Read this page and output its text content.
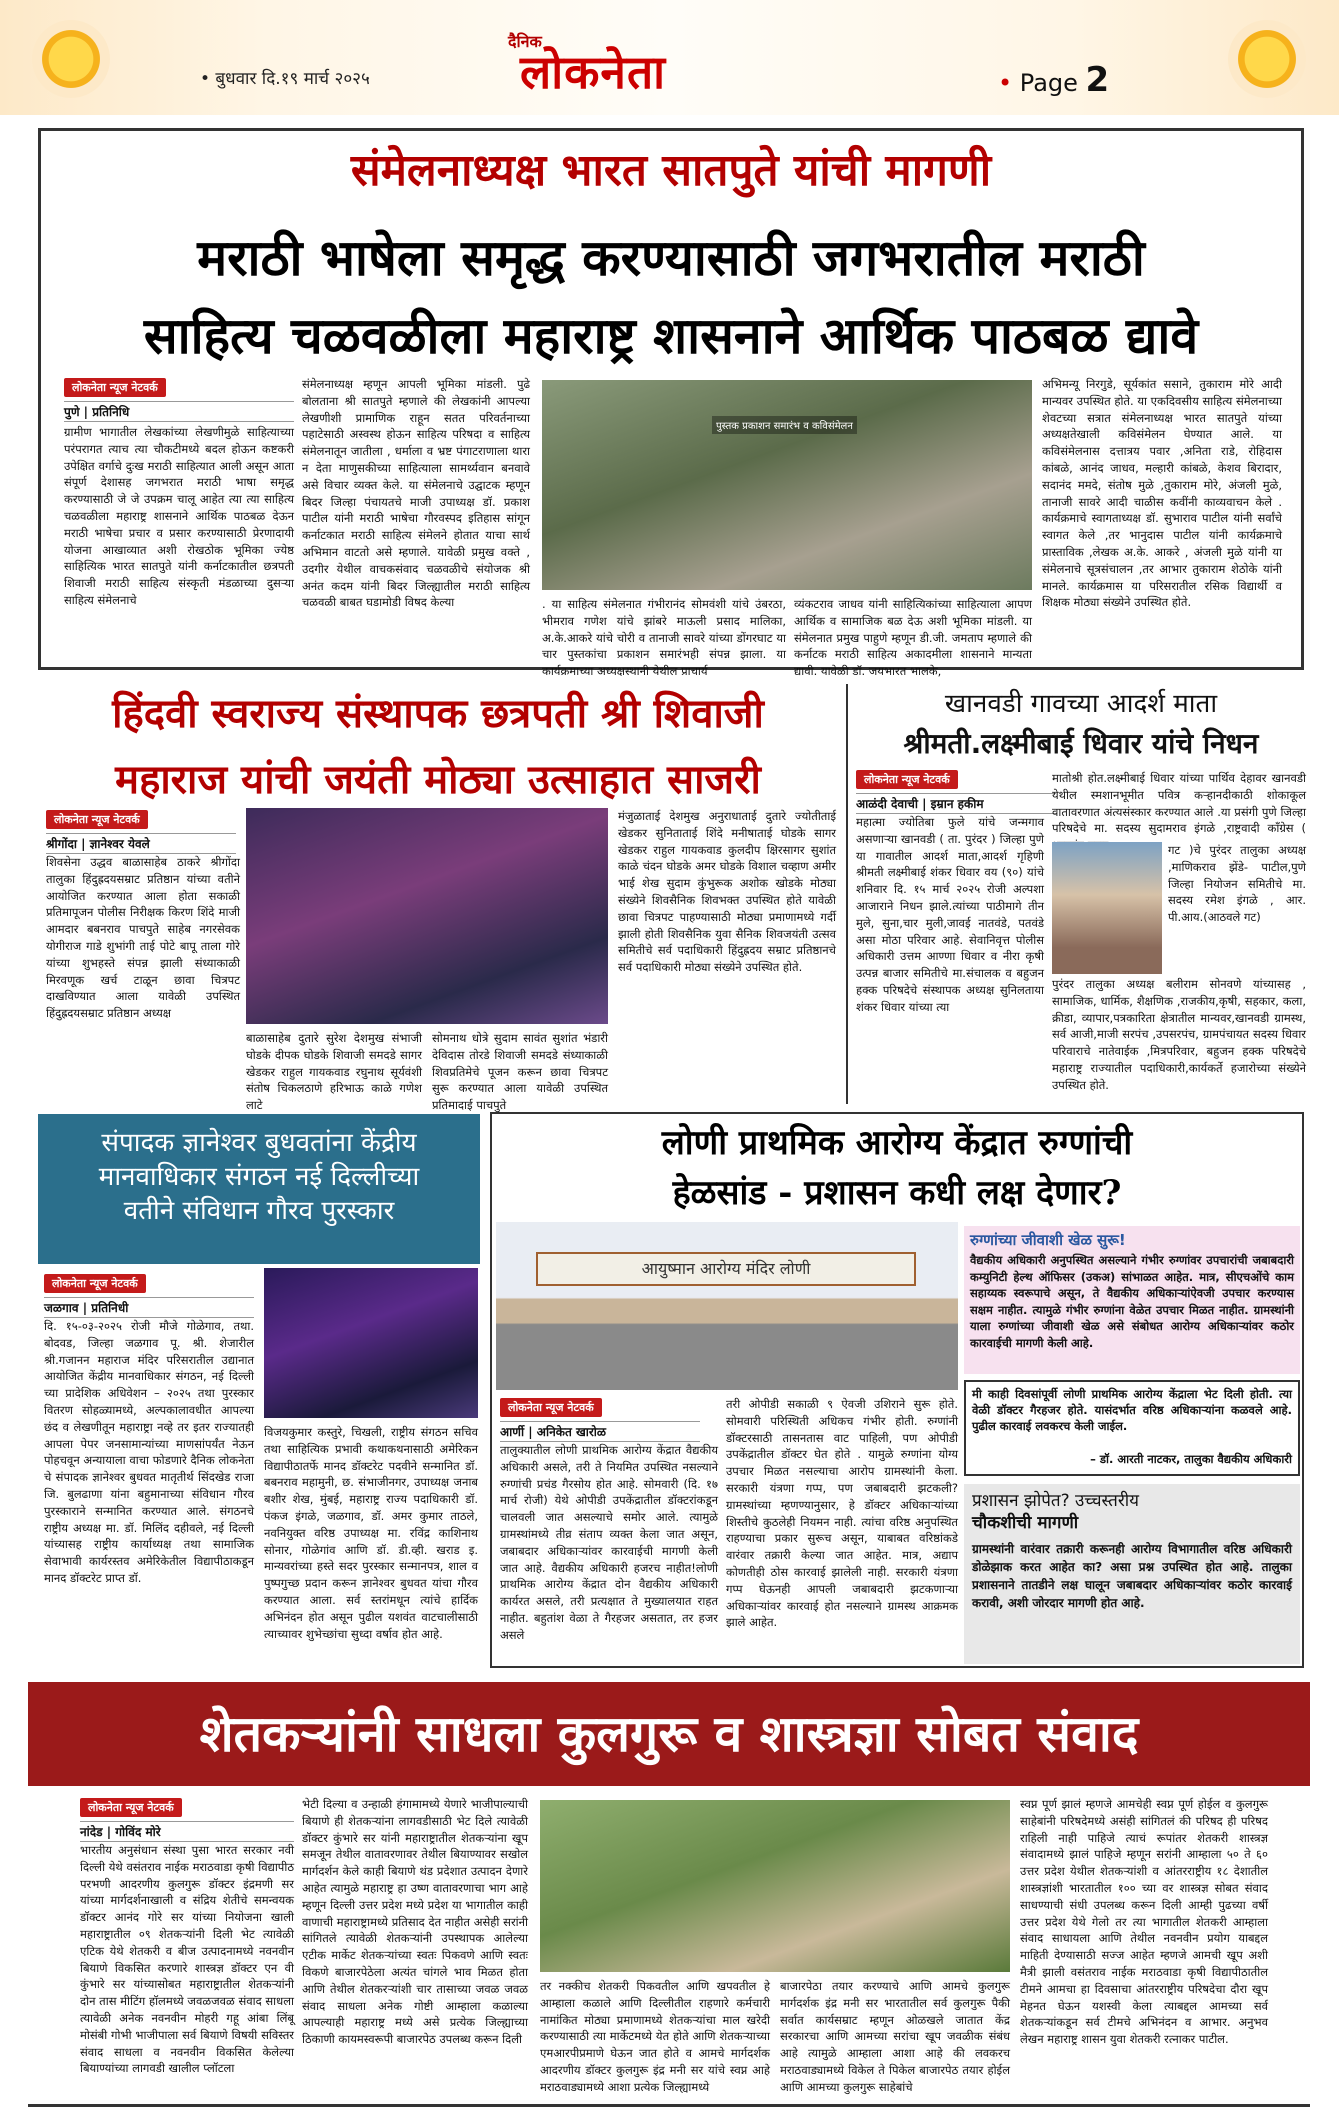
• बुधवार दि.१९ मार्च २०२५
दैनिक
लोकनेता	• Page 2
संमेलनाध्यक्ष भारत सातपुते यांची मागणी
मराठी भाषेला समृद्ध करण्यासाठी जगभरातील मराठी
साहित्य चळवळीला महाराष्ट्र शासनाने आर्थिक पाठबळ द्यावे
लोकनेता न्यूज नेटवर्क
पुणे | प्रतिनिधि
ग्रामीण भागातील लेखकांच्या लेखणीमुळे साहित्याच्या परंपरागत त्याच त्या चौकटीमध्ये बदल होऊन कष्टकरी उपेक्षित वर्गाचे दुःख मराठी साहित्यात आली असून आता संपूर्ण देशासह जगभरात मराठी भाषा समृद्ध करण्यासाठी जे जे उपक्रम चालू आहेत त्या त्या साहित्य चळवळीला महाराष्ट्र शासनाने आर्थिक पाठबळ देऊन मराठी भाषेचा प्रचार व प्रसार करण्यासाठी प्रेरणादायी योजना आखाव्यात अशी रोखठोक भूमिका ज्येष्ठ साहित्यिक भारत सातपुते यांनी कर्नाटकातील छत्रपती शिवाजी मराठी साहित्य संस्कृती मंडळाच्या दुसऱ्या साहित्य संमेलनाचे
संमेलनाध्यक्ष म्हणून आपली भूमिका मांडली. पुढे बोलताना श्री सातपुते म्हणाले की लेखकांनी आपल्या लेखणीशी प्रामाणिक राहून सतत परिवर्तनाच्या पहाटेसाठी अस्वस्थ होऊन साहित्य परिषदा व साहित्य संमेलनातून जातीला , धर्माला व भ्रष्ट पंगाटराणाला थारा न देता माणुसकीच्या साहित्याला सामर्थ्यवान बनवावे असे विचार व्यक्त केले. या संमेलनाचे उद्घाटक म्हणून बिदर जिल्हा पंचायतचे माजी उपाध्यक्ष डॉ. प्रकाश पाटील यांनी मराठी भाषेचा गौरवस्पद इतिहास सांगून कर्नाटकात मराठी साहित्य संमेलने होतात याचा सार्थ अभिमान वाटतो असे म्हणाले. यावेळी प्रमुख वक्ते , उदगीर येथील वाचकसंवाद चळवळीचे संयोजक श्री अनंत कदम यांनी बिदर जिल्ह्यातील मराठी साहित्य चळवळी बाबत घडामोडी विषद केल्या
पुस्तक प्रकाशन समारंभ व कविसंमेलन
. या साहित्य संमेलनात गंभीरानंद सोमवंशी यांचे उंबरठा, भीमराव गणेश यांचे झांबरे माऊली प्रसाद मालिका, अ.के.आकरे यांचे चोरी व तानाजी सावरे यांच्या डोंगरघाट या चार पुस्तकांचा प्रकाशन समारंभही संपन्न झाला. या कार्यक्रमाच्या अध्यक्षस्थानी येथील प्राचार्य
व्यंकटराव जाधव यांनी साहित्यिकांच्या साहित्याला आपण आर्थिक व सामाजिक बळ देऊ अशी भूमिका मांडली. या संमेलनात प्रमुख पाहुणे म्हणून डी.जी. जमताप म्हणाले की कर्नाटक मराठी साहित्य अकादमीला शासनाने मान्यता द्यावी. यावेळी डॉ. जयभारत भालके,
अभिमन्यू निरगुडे, सूर्यकांत ससाने, तुकाराम मोरे आदी मान्यवर उपस्थित होते. या एकदिवसीय साहित्य संमेलनाच्या शेवटच्या सत्रात संमेलनाध्यक्ष भारत सातपुते यांच्या अध्यक्षतेखाली कविसंमेलन घेण्यात आले. या कविसंमेलनास दत्तात्रय पवार ,अनिता राडे, रोहिदास कांबळे, आनंद जाधव, मल्हारी कांबळे, केशव बिरादार, सदानंद ममदे, संतोष मुळे ,तुकाराम मोरे, अंजली मुळे, तानाजी सावरे आदी चाळीस कवींनी काव्यवाचन केले . कार्यक्रमाचे स्वागताध्यक्ष डॉ. सुभाराव पाटील यांनी सर्वांचे स्वागत केले ,तर भानुदास पाटील यांनी कार्यक्रमाचे प्रास्ताविक ,लेखक अ.के. आकरे , अंजली मुळे यांनी या संमेलनाचे सूत्रसंचालन ,तर आभार तुकाराम शेठोके यांनी मानले. कार्यक्रमास या परिसरातील रसिक विद्यार्थी व शिक्षक मोठ्या संख्येने उपस्थित होते.
हिंदवी स्वराज्य संस्थापक छत्रपती श्री शिवाजी
महाराज यांची जयंती मोठ्या उत्साहात साजरी
लोकनेता न्यूज नेटवर्क
श्रीगोंदा | ज्ञानेश्वर येवले
शिवसेना उद्धव बाळासाहेब ठाकरे श्रीगोंदा तालुका हिंदुह्रदयसम्राट प्रतिष्ठान यांच्या वतीने आयोजित करण्यात आला होता सकाळी प्रतिमापूजन पोलीस निरीक्षक किरण शिंदे माजी आमदार बबनराव पाचपुते साहेब नगरसेवक योगीराज गाडे शुभांगी ताई पोटे बापू ताला गोरे यांच्या शुभहस्ते संपन्न झाली संध्याकाळी मिरवणूक खर्च टाळून छावा चित्रपट दाखविण्यात आला यावेळी उपस्थित हिंदुह्रदयसम्राट प्रतिष्ठान अध्यक्ष
बाळासाहेब दुतारे सुरेश देशमुख संभाजी घोडके दीपक घोडके शिवाजी समदडे सागर खेडकर राहुल गायकवाड रघुनाथ सूर्यवंशी संतोष चिकलठाणे हरिभाऊ काळे गणेश लाटे
सोमनाथ धोत्रे सुदाम सावंत सुशांत भंडारी देविदास तोरडे शिवाजी समदडे संध्याकाळी शिवप्रतिमेचे पूजन करून छावा चित्रपट सुरू करण्यात आला यावेळी उपस्थित प्रतिमादाई पाचपुते
मंजुळाताई देशमुख अनुराधाताई दुतारे ज्योतीताई खेडकर सुनिताताई शिंदे मनीषाताई घोडके सागर खेडकर राहुल गायकवाड कुलदीप क्षिरसागर सुशांत काळे चंदन घोडके अमर घोडके विशाल चव्हाण अमीर भाई शेख सुदाम कुंभुरूक अशोक खोडके मोठ्या संख्येने शिवसैनिक शिवभक्त उपस्थित होते यावेळी छावा चित्रपट पाहण्यासाठी मोठ्या प्रमाणामध्ये गर्दी झाली होती शिवसैनिक युवा सैनिक शिवजयंती उत्सव समितीचे सर्व पदाधिकारी हिंदुह्रदय सम्राट प्रतिष्ठानचे सर्व पदाधिकारी मोठ्या संख्येने उपस्थित होते.
खानवडी गावच्या आदर्श माता
श्रीमती.लक्ष्मीबाई धिवार यांचे निधन
लोकनेता न्यूज नेटवर्क
आळंदी देवाची | इम्रान हकीम
महात्मा ज्योतिबा फुले यांचे जन्मगाव असणाऱ्या खानवडी ( ता. पुरंदर ) जिल्हा पुणे या गावातील आदर्श माता,आदर्श गृहिणी श्रीमती लक्ष्मीबाई शंकर धिवार वय (९०) यांचे शनिवार दि. १५ मार्च २०२५ रोजी अल्पशा आजाराने निधन झाले.त्यांच्या पाठीमागे तीन मुले, सुना,चार मुली,जावई नातवंडे, पतवंडे असा मोठा परिवार आहे. सेवानिवृत्त पोलीस अधिकारी उत्तम आण्णा धिवार व नीरा कृषी उत्पन्न बाजार समितीचे मा.संचालक व बहुजन हक्क परिषदेचे संस्थापक अध्यक्ष सुनिलताया शंकर धिवार यांच्या त्या
मातोश्री होत.लक्ष्मीबाई धिवार यांच्या पार्थिव देहावर खानवडी येथील स्मशानभूमीत पवित्र कऱ्हानदीकाठी शोकाकूल वातावरणात अंत्यसंस्कार करण्यात आले .या प्रसंगी पुणे जिल्हा परिषदेचे मा. सदस्य सुदामराव इंगळे ,राष्ट्रवादी काँग्रेस (
गट )चे पुरंदर तालुका अध्यक्ष ,माणिकराव झेंडे- पाटील,पुणे जिल्हा नियोजन समितीचे मा. सदस्य रमेश इंगळे , आर. पी.आय.(आठवले गट)
पुरंदर तालुका अध्यक्ष बलीराम सोनवणे यांच्यासह , सामाजिक, धार्मिक, शैक्षणिक ,राजकीय,कृषी, सहकार, कला, क्रीडा, व्यापार,पत्रकारिता क्षेत्रातील मान्यवर,खानवडी ग्रामस्थ, सर्व आजी,माजी सरपंच ,उपसरपंच, ग्रामपंचायत सदस्य धिवार परिवाराचे नातेवाईक ,मित्रपरिवार, बहुजन हक्क परिषदेचे महाराष्ट्र राज्यातील पदाधिकारी,कार्यकर्ते हजारोच्या संख्येने उपस्थित होते.
संपादक ज्ञानेश्वर बुधवतांना केंद्रीय
मानवाधिकार संगठन नई दिल्लीच्या
वतीने संविधान गौरव पुरस्कार
लोकनेता न्यूज नेटवर्क
जळगाव | प्रतिनिधी
दि. १५-०३-२०२५ रोजी मौजे गोळेगाव, तथा. बोदवड, जिल्हा जळगाव पू. श्री. शेजारील श्री.गजानन महाराज मंदिर परिसरातील उद्यानात आयोजित केंद्रीय मानवाधिकार संगठन, नई दिल्ली च्या प्रादेशिक अधिवेशन – २०२५ तथा पुरस्कार वितरण सोहळ्यामध्ये, अल्पकालावधीत आपल्या छंद व लेखणीतून महाराष्ट्रा नव्हे तर इतर राज्यातही आपला पेपर जनसामान्यांच्या माणसांपर्यंत नेऊन पोहचवून अन्यायाला वाचा फोडणारे दैनिक लोकनेता चे संपादक ज्ञानेश्वर बुधवत मातृतीर्थ सिंदखेड राजा जि. बुलढाणा यांना बहुमानाच्या संविधान गौरव पुरस्काराने सन्मानित करण्यात आले. संगठनचे राष्ट्रीय अध्यक्ष मा. डॉ. मिलिंद दहीवले, नई दिल्ली यांच्यासह राष्ट्रीय कार्याध्यक्ष तथा सामाजिक सेवाभावी कार्यरस्तव अमेरिकेतील विद्यापीठाकडून मानद डॉक्टरेट प्राप्त डॉ.
विजयकुमार कस्तुरे, चिखली, राष्ट्रीय संगठन सचिव तथा साहित्यिक प्रभावी कथाकथनासाठी अमेरिकन विद्यापीठातर्फे मानद डॉक्टरेट पदवीने सन्मानित डॉ. बबनराव महामुनी, छ. संभाजीनगर, उपाध्यक्ष जनाब बशीर शेख, मुंबई, महाराष्ट्र राज्य पदाधिकारी डॉ. पंकज इंगळे, जळगाव, डॉ. अमर कुमार ताठले, नवनियुक्त वरिष्ठ उपाध्यक्ष मा. रविंद्र काशिनाथ सोनार, गोळेगांव आणि डॉ. डी.व्ही. खराड इ. मान्यवरांच्या हस्ते सदर पुरस्कार सन्मानपत्र, शाल व पुष्पगुच्छ प्रदान करून ज्ञानेश्वर बुधवत यांचा गौरव करण्यात आला. सर्व स्तरांमधून त्यांचे हार्दिक अभिनंदन होत असून पुढील यशवंत वाटचालीसाठी त्याच्यावर शुभेच्छांचा सुध्दा वर्षाव होत आहे.
लोणी प्राथमिक आरोग्य केंद्रात रुग्णांची
हेळसांड - प्रशासन कधी लक्ष देणार?
आयुष्मान आरोग्य मंदिर लोणी
लोकनेता न्यूज नेटवर्क
आर्णी | अनिकेत खारोळ
तालुक्यातील लोणी प्राथमिक आरोग्य केंद्रात वैद्यकीय अधिकारी असले, तरी ते नियमित उपस्थित नसल्याने रुग्णांची प्रचंड गैरसोय होत आहे. सोमवारी (दि. १७ मार्च रोजी) येथे ओपीडी उपकेंद्रातील डॉक्टरांकडून चालवली जात असल्याचे समोर आले. त्यामुळे ग्रामस्थांमध्ये तीव्र संताप व्यक्त केला जात असून, जबाबदार अधिकाऱ्यांवर कारवाईची मागणी केली जात आहे. वैद्यकीय अधिकारी हजरच नाहीत!लोणी प्राथमिक आरोग्य केंद्रात दोन वैद्यकीय अधिकारी कार्यरत असले, तरी प्रत्यक्षात ते मुख्यालयात राहत नाहीत. बहुतांश वेळा ते गैरहजर असतात, तर हजर असले
तरी ओपीडी सकाळी ९ ऐवजी उशिराने सुरू होते. सोमवारी परिस्थिती अधिकच गंभीर होती. रुग्णांनी डॉक्टरसाठी तासनतास वाट पाहिली, पण ओपीडी उपकेंद्रातील डॉक्टर घेत होते . यामुळे रुग्णांना योग्य उपचार मिळत नसल्याचा आरोप ग्रामस्थांनी केला. सरकारी यंत्रणा गप्प, पण जबाबदारी झटकली? ग्रामस्थांच्या म्हणण्यानुसार, हे डॉक्टर अधिकाऱ्यांच्या शिस्तीचे कुठलेही नियमन नाही. त्यांचा वरिष्ठ अनुपस्थित राहण्याचा प्रकार सुरूच असून, याबाबत वरिष्ठांकडे वारंवार तक्रारी केल्या जात आहेत. मात्र, अद्याप कोणतीही ठोस कारवाई झालेली नाही. सरकारी यंत्रणा गप्प घेऊनही आपली जबाबदारी झटकणाऱ्या अधिकाऱ्यांवर कारवाई होत नसल्याने ग्रामस्थ आक्रमक झाले आहेत.
रुग्णांच्या जीवाशी खेळ सुरू!
वैद्यकीय अधिकारी अनुपस्थित असल्याने गंभीर रुग्णांवर उपचारांची जबाबदारी कम्युनिटी हेल्थ ऑफिसर (उकअ) सांभाळत आहेत. मात्र, सीएचओंचे काम सहाय्यक स्वरूपाचे असून, ते वैद्यकीय अधिकाऱ्यांऐवजी उपचार करण्यास सक्षम नाहीत. त्यामुळे गंभीर रुग्णांना वेळेत उपचार मिळत नाहीत. ग्रामस्थांनी याला रुग्णांच्या जीवाशी खेळ असे संबोधत आरोग्य अधिकाऱ्यांवर कठोर कारवाईची मागणी केली आहे.
मी काही दिवसांपूर्वी लोणी प्राथमिक आरोग्य केंद्राला भेट दिली होती. त्या वेळी डॉक्टर गैरहजर होते. यासंदर्भात वरिष्ठ अधिकाऱ्यांना कळवले आहे. पुढील कारवाई लवकरच केली जाईल.
– डॉ. आरती नाटकर, तालुका वैद्यकीय अधिकारी
प्रशासन झोपेत? उच्चस्तरीय
चौकशीची मागणी
ग्रामस्थांनी वारंवार तक्रारी करूनही आरोग्य विभागातील वरिष्ठ अधिकारी डोळेझाक करत आहेत का? असा प्रश्न उपस्थित होत आहे. तालुका प्रशासनाने तातडीने लक्ष घालून जबाबदार अधिकाऱ्यांवर कठोर कारवाई करावी, अशी जोरदार मागणी होत आहे.
शेतकऱ्यांनी साधला कुलगुरू व शास्त्रज्ञा सोबत संवाद
लोकनेता न्यूज नेटवर्क
नांदेड | गोविंद मोरे
भारतीय अनुसंधान संस्था पुसा भारत सरकार नवी दिल्ली येथे वसंतराव नाईक मराठवाडा कृषी विद्यापीठ परभणी आदरणीय कुलगुरू डॉक्टर इंद्रमणी सर यांच्या मार्गदर्शनाखाली व संद्रिय शेतीचे समन्वयक डॉक्टर आनंद गोरे सर यांच्या नियोजना खाली महाराष्ट्रातील ०९ शेतकऱ्यांनी दिली भेट त्यावेळी एटिक येथे शेतकरी व बीज उत्पादनामध्ये नवनवीन बियाणे विकसित करणारे शास्त्रज्ञ डॉक्टर एन वी कुंभारे सर यांच्यासोबत महाराष्ट्रातील शेतकऱ्यांनी दोन तास मीटिंग हॉलमध्ये जवळजवळ संवाद साधला त्यावेळी अनेक नवनवीन मोहरी गहू आंबा लिंबू मोसंबी गोभी भाजीपाला सर्व बियाणे विषयी सविस्तर संवाद साधला व नवनवीन विकसित केलेल्या बियाण्यांच्या लागवडी खालील प्लॉटला
भेटी दिल्या व उन्हाळी हंगामामध्ये येणारे भाजीपाल्याची बियाणे ही शेतकऱ्यांना लागवडीसाठी भेट दिले त्यावेळी डॉक्टर कुंभारे सर यांनी महाराष्ट्रातील शेतकऱ्यांना खूप समजून तेथील वातावरणावर तेथील बियाण्यावर सखोल मार्गदर्शन केले काही बियाणे थंड प्रदेशात उत्पादन देणारे आहेत त्यामुळे महाराष्ट्र हा उष्ण वातावरणाचा भाग आहे म्हणून दिल्ली उत्तर प्रदेश मध्ये प्रदेश या भागातील काही वाणाची महाराष्ट्रामध्ये प्रतिसाद देत नाहीत असेही सरांनी सांगितले त्यावेळी शेतकऱ्यांनी उपस्थापक आलेल्या एटीक मार्केट शेतकऱ्यांच्या स्वतः पिकवणे आणि स्वतः विकणे बाजारपेठेला अत्यंत चांगले भाव मिळत होता आणि तेथील शेतकरऱ्यांशी चार तासाच्या जवळ जवळ संवाद साधला अनेक गोष्टी आम्हाला कळाल्या आपल्याही महाराष्ट्र मध्ये असे प्रत्येक जिल्ह्याच्या ठिकाणी कायमस्वरूपी बाजारपेठ उपलब्ध करून दिली
तर नक्कीच शेतकरी पिकवतील आणि खपवतील हे आम्हाला कळाले आणि दिल्लीतील राहणारे कर्मचारी नामांकित मोठ्या प्रमाणामध्ये शेतकऱ्यांचा माल खरेदी करण्यासाठी त्या मार्केटमध्ये येत होते आणि शेतकऱ्याच्या एमआरपीप्रमाणे घेऊन जात होते व आमचे मार्गदर्शक आदरणीय डॉक्टर कुलगुरू इंद्र मनी सर यांचे स्वप्न आहे मराठवाड्यामध्ये आशा प्रत्येक जिल्ह्यामध्ये
बाजारपेठा तयार करण्याचे आणि आमचे कुलगुरू मार्गदर्शक इंद्र मनी सर भारतातील सर्व कुलगुरू पैकी सर्वात कार्यसम्राट म्हणून ओळखले जातात केंद्र सरकारचा आणि आमच्या सरांचा खूप जवळीक संबंध आहे त्यामुळे आम्हाला आशा आहे की लवकरच मराठवाड्यामध्ये विकेल ते पिकेल बाजारपेठ तयार होईल आणि आमच्या कुलगुरू साहेबांचे
स्वप्न पूर्ण झालं म्हणजे आमचेही स्वप्न पूर्ण होईल व कुलगुरू साहेबांनी परिषदेमध्ये असंही सांगितलं की परिषद ही परिषद राहिली नाही पाहिजे त्याचं रूपांतर शेतकरी शास्त्रज्ञ संवादामध्ये झालं पाहिजे म्हणून सरांनी आम्हाला ५० ते ६० उत्तर प्रदेश येथील शेतकऱ्यांशी व आंतरराष्ट्रीय १८ देशातील शास्त्रज्ञांशी भारतातील १०० च्या वर शास्त्रज्ञ सोबत संवाद साधण्याची संधी उपलब्ध करून दिली आम्ही पुढच्या वर्षी उत्तर प्रदेश येथे गेलो तर त्या भागातील शेतकरी आम्हाला संवाद साधायला आणि तेथील नवनवीन प्रयोग याबद्दल माहिती देण्यासाठी सज्ज आहेत म्हणजे आमची खूप अशी मैत्री झाली वसंतराव नाईक मराठवाडा कृषी विद्यापीठातील टीमने आमचा हा दिवसाचा आंतरराष्ट्रीय परिषदेचा दौरा खूप मेहनत घेऊन यशस्वी केला त्याबद्दल आमच्या सर्व शेतकऱ्यांकडून सर्व टीमचे अभिनंदन व आभार. अनुभव लेखन महाराष्ट्र शासन युवा शेतकरी रत्नाकर पाटील.
